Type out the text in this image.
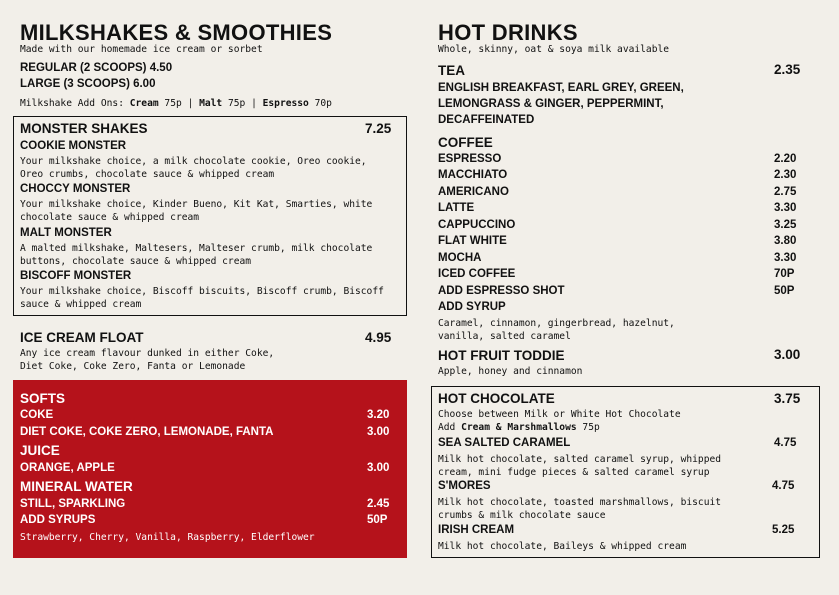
MILKSHAKES & SMOOTHIES
Made with our homemade ice cream or sorbet
REGULAR (2 SCOOPS) 4.50
LARGE (3 SCOOPS) 6.00
Milkshake Add Ons: Cream 75p | Malt 75p | Espresso 70p
MONSTER SHAKES	7.25
COOKIE MONSTER
Your milkshake choice, a milk chocolate cookie, Oreo cookie,
Oreo crumbs, chocolate sauce & whipped cream
CHOCCY MONSTER
Your milkshake choice, Kinder Bueno, Kit Kat, Smarties, white
chocolate sauce & whipped cream
MALT MONSTER
A malted milkshake, Maltesers, Malteser crumb, milk chocolate
buttons, chocolate sauce & whipped cream
BISCOFF MONSTER
Your milkshake choice, Biscoff biscuits, Biscoff crumb, Biscoff
sauce & whipped cream
ICE CREAM FLOAT	4.95
Any ice cream flavour dunked in either Coke,
Diet Coke, Coke Zero, Fanta or Lemonade
SOFTS
COKE	3.20
DIET COKE, COKE ZERO, LEMONADE, FANTA	3.00
JUICE
ORANGE, APPLE	3.00
MINERAL WATER
STILL, SPARKLING	2.45
ADD SYRUPS	50P
Strawberry, Cherry, Vanilla, Raspberry, Elderflower
HOT DRINKS
Whole, skinny, oat & soya milk available
TEA	2.35
ENGLISH BREAKFAST, EARL GREY, GREEN,
LEMONGRASS & GINGER, PEPPERMINT,
DECAFFEINATED
COFFEE
ESPRESSO	2.20
MACCHIATO	2.30
AMERICANO	2.75
LATTE	3.30
CAPPUCCINO	3.25
FLAT WHITE	3.80
MOCHA	3.30
ICED COFFEE	70P
ADD ESPRESSO SHOT	50P
ADD SYRUP
Caramel, cinnamon, gingerbread, hazelnut,
vanilla, salted caramel
HOT FRUIT TODDIE	3.00
Apple, honey and cinnamon
HOT CHOCOLATE	3.75
Choose between Milk or White Hot Chocolate
Add Cream & Marshmallows 75p
SEA SALTED CARAMEL	4.75
Milk hot chocolate, salted caramel syrup, whipped
cream, mini fudge pieces & salted caramel syrup
S'MORES	4.75
Milk hot chocolate, toasted marshmallows, biscuit
crumbs & milk chocolate sauce
IRISH CREAM	5.25
Milk hot chocolate, Baileys & whipped cream
